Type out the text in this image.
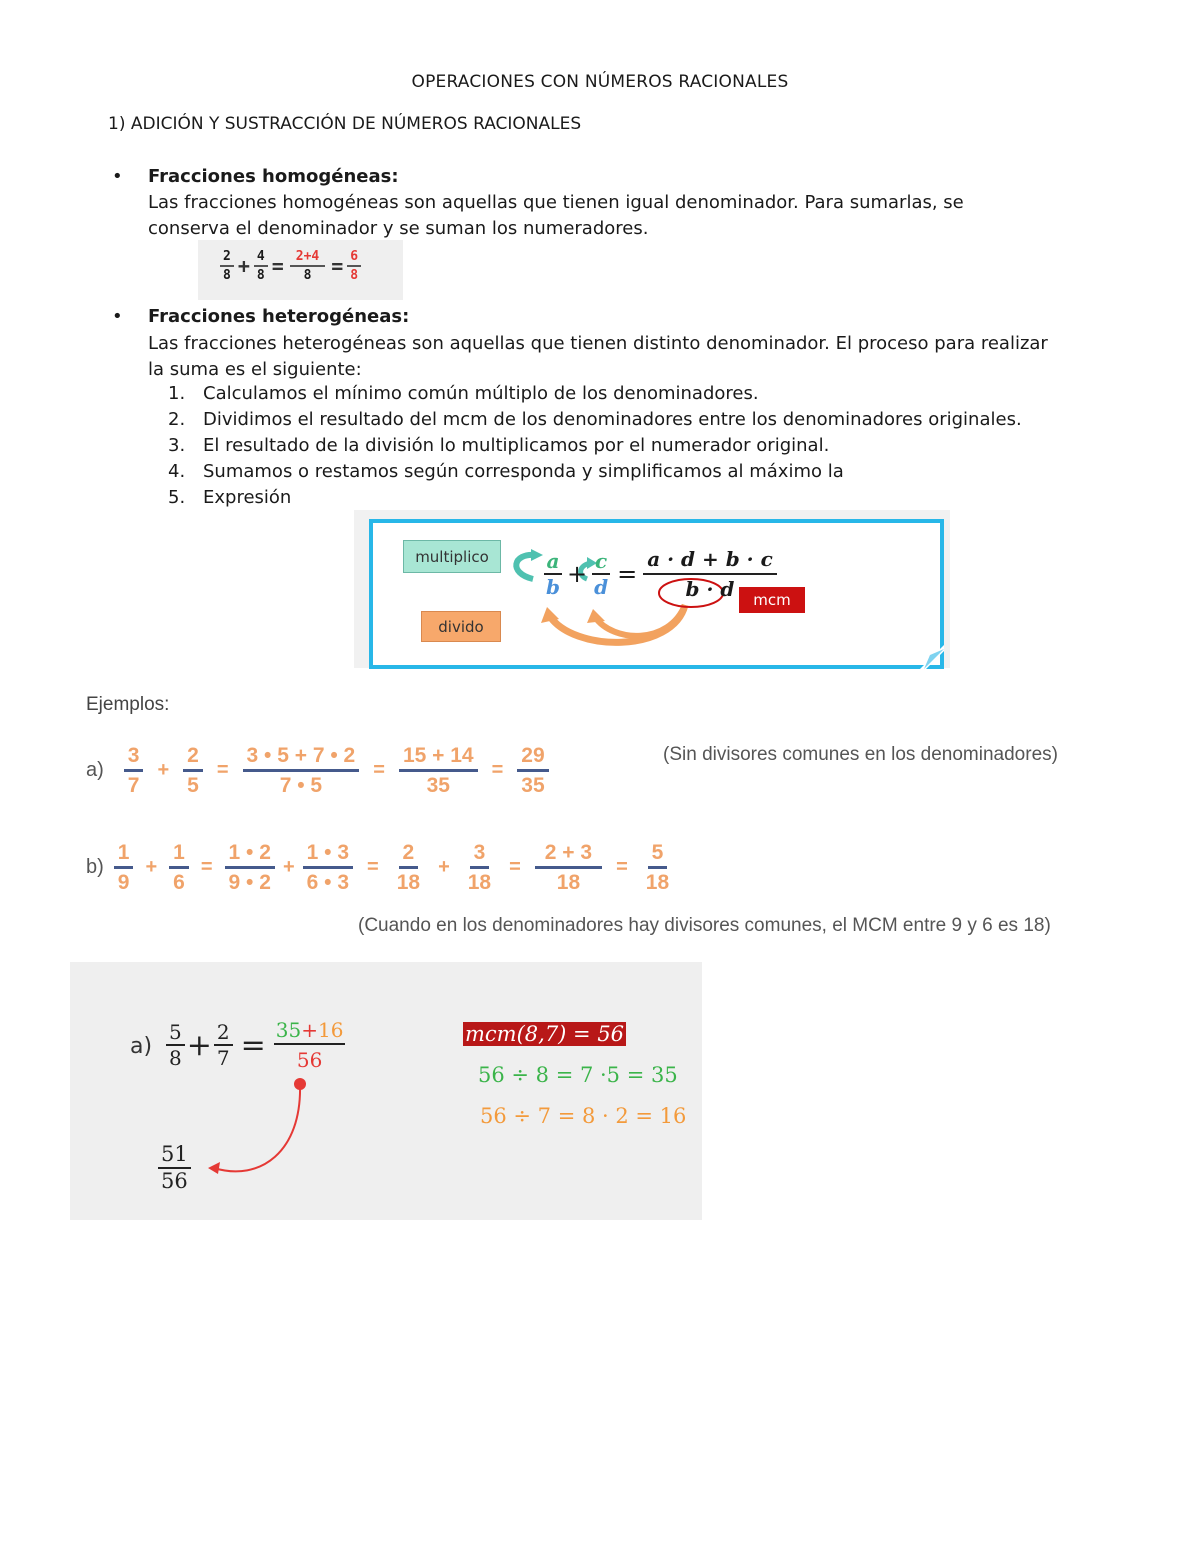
OPERACIONES CON NÚMEROS RACIONALES
1) ADICIÓN Y SUSTRACCIÓN DE NÚMEROS RACIONALES
• Fracciones homogéneas:
Las fracciones homogéneas son aquellas que tienen igual denominador. Para sumarlas, se
conserva el denominador y se suman los numeradores.
$\frac{2}{8} + \frac{4}{8} = \frac{2+4}{8} = \frac{6}{8}$
• Fracciones heterogéneas:
Las fracciones heterogéneas son aquellas que tienen distinto denominador. El proceso para realizar
la suma es el siguiente:
1. Calculamos el mínimo común múltiplo de los denominadores.
2. Dividimos el resultado del mcm de los denominadores entre los denominadores originales.
3. El resultado de la división lo multiplicamos por el numerador original.
4. Sumamos o restamos según corresponda y simplificamos al máximo la
5. Expresión
multiplico
divido
mcm
$\frac{a}{b} + \frac{c}{d} = \frac{a \cdot d + b \cdot c}{b \cdot d}$
Ejemplos:
a)
3
7
+ $\frac{2}{5} = \frac{3 • 5 + 7 • 2}{7 • 5} = \frac{15 + 14}{35} = \frac{29}{35}$	(Sin divisores comunes en los denominadores)
b)
1
9
+ $\frac{1}{6} = \frac{1 • 2}{9 • 2} + \frac{1 • 3}{6 • 3} = \frac{2}{18} + \frac{3}{18} = \frac{2 + 3}{18} = \frac{5}{18}$
(Cuando en los denominadores hay divisores comunes, el MCM entre 9 y 6 es 18)
$a) \frac{5}{8} + \frac{2}{7} = \frac{35+16}{56}$
$\frac{51}{56}$
mcm(8,7) = 56
56 ÷ 8 = 7 ·5 = 35
56 ÷ 7 = 8 · 2 = 16
